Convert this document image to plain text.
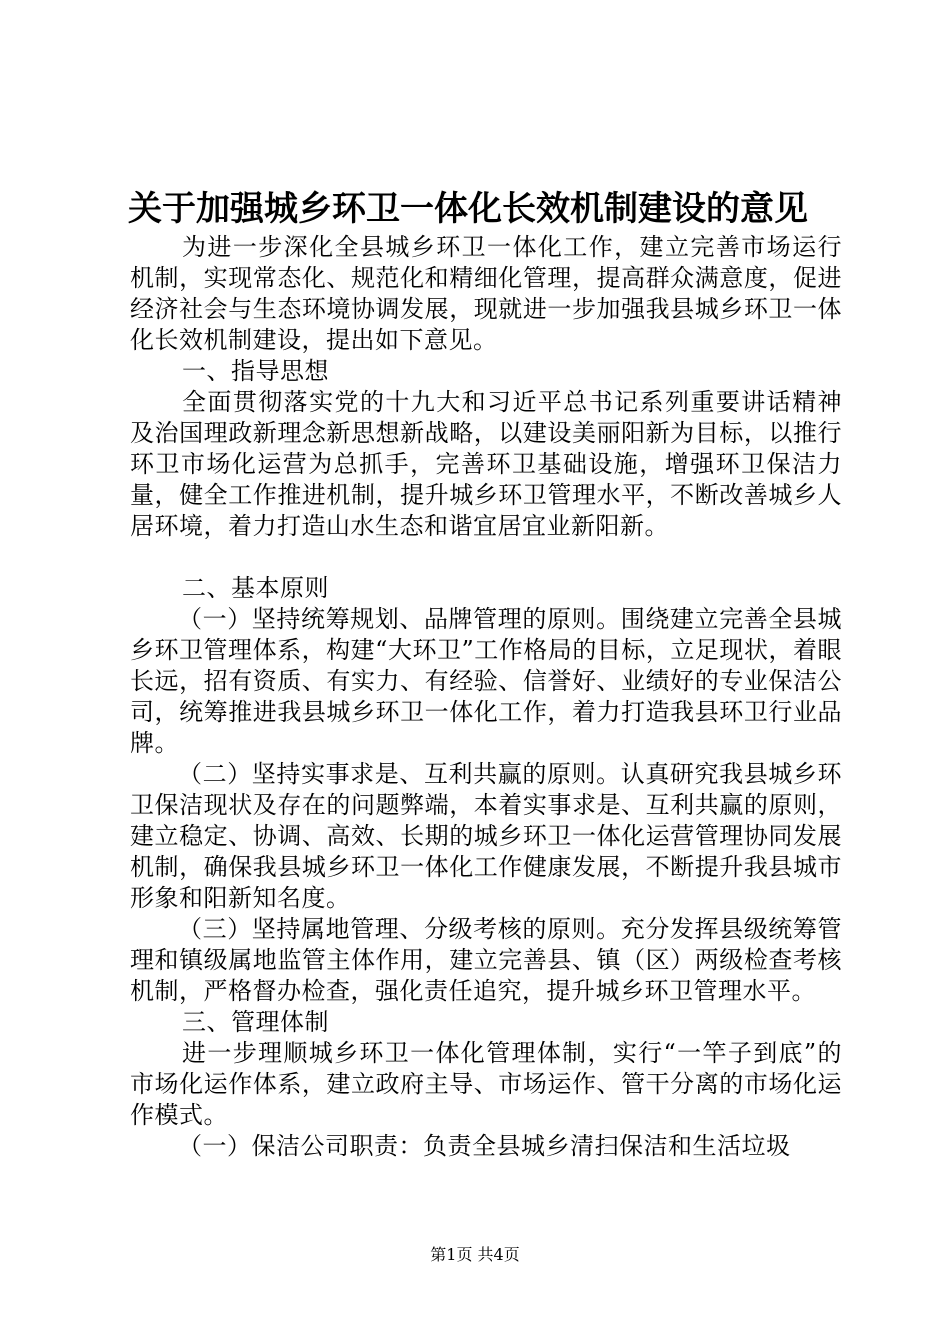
关于加强城乡环卫一体化长效机制建设的意见

为进一步深化全县城乡环卫一体化工作，建立完善市场运行机制，实现常态化、规范化和精细化管理，提高群众满意度，促进经济社会与生态环境协调发展，现就进一步加强我县城乡环卫一体化长效机制建设，提出如下意见。

一、指导思想

全面贯彻落实党的十九大和习近平总书记系列重要讲话精神及治国理政新理念新思想新战略，以建设美丽阳新为目标，以推行环卫市场化运营为总抓手，完善环卫基础设施，增强环卫保洁力量，健全工作推进机制，提升城乡环卫管理水平，不断改善城乡人居环境，着力打造山水生态和谐宜居宜业新阳新。

二、基本原则

（一）坚持统筹规划、品牌管理的原则。围绕建立完善全县城乡环卫管理体系，构建“大环卫”工作格局的目标，立足现状，着眼长远，招有资质、有实力、有经验、信誉好、业绩好的专业保洁公司，统筹推进我县城乡环卫一体化工作，着力打造我县环卫行业品牌。

（二）坚持实事求是、互利共赢的原则。认真研究我县城乡环卫保洁现状及存在的问题弊端，本着实事求是、互利共赢的原则，建立稳定、协调、高效、长期的城乡环卫一体化运营管理协同发展机制，确保我县城乡环卫一体化工作健康发展，不断提升我县城市形象和阳新知名度。

（三）坚持属地管理、分级考核的原则。充分发挥县级统筹管理和镇级属地监管主体作用，建立完善县、镇（区）两级检查考核机制，严格督办检查，强化责任追究，提升城乡环卫管理水平。

三、管理体制

进一步理顺城乡环卫一体化管理体制，实行“一竿子到底”的市场化运作体系，建立政府主导、市场运作、管干分离的市场化运作模式。

（一）保洁公司职责：负责全县城乡清扫保洁和生活垃圾

第1页 共4页
